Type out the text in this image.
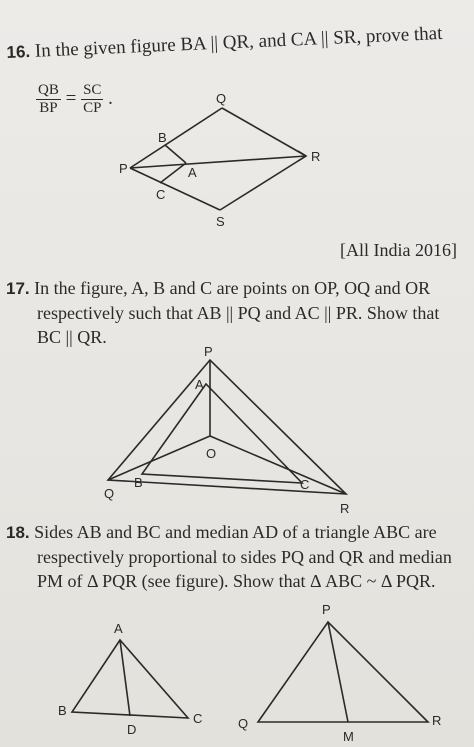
16. In the given figure BA || QR, and CA || SR, prove that
$\frac{QB}{BP} = \frac{SC}{CP}$ .	Q
P
R
S
B
A
C
[All India 2016]
17. In the figure, A, B and C are points on OP, OQ and OR
respectively such that AB || PQ and AC || PR. Show that
BC || QR.
P
A
O
B	C
Q
R
18. Sides AB and BC and median AD of a triangle ABC are
respectively proportional to sides PQ and QR and median
PM of Δ PQR (see figure). Show that Δ ABC ~ Δ PQR.
A
B
C
D
P
Q	R
M
